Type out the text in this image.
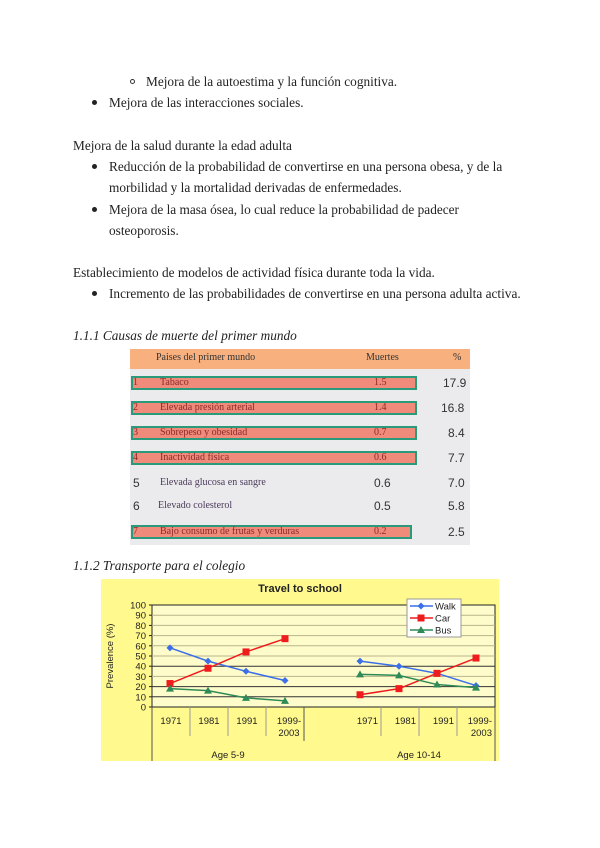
Mejora de la autoestima y la función cognitiva.
Mejora de las interacciones sociales.
Mejora de la salud durante la edad adulta
Reducción de la probabilidad de convertirse en una persona obesa, y de la
morbilidad y la mortalidad derivadas de enfermedades.
Mejora de la masa ósea, lo cual reduce la probabilidad de padecer
osteoporosis.
Establecimiento de modelos de actividad física durante toda la vida.
Incremento de las probabilidades de convertirse en una persona adulta activa.
1.1.1 Causas de muerte del primer mundo
Paises del primer mundo	Muertes	%
1 Tabaco	1.5	17.9
2 Elevada presión arterial	1.4	16.8
3 Sobrepeso y obesidad	0.7	8.4
4 Inactividad física	0.6	7.7
5 Elevada glucosa en sangre	0.6	7.0
6 Elevado colesterol	0.5	5.8
7 Bajo consumo de frutas y verduras	0.2	2.5
1.1.2 Transporte para el colegio
Travel to school
0
10
20
30
40
50
60
70
80
90
100
Prevalence (%)
1971 1981 1991 1999-
2003
1971 1981 1991 1999-
2003
Age 5-9	Age 10-14
Walk
Car
Bus
